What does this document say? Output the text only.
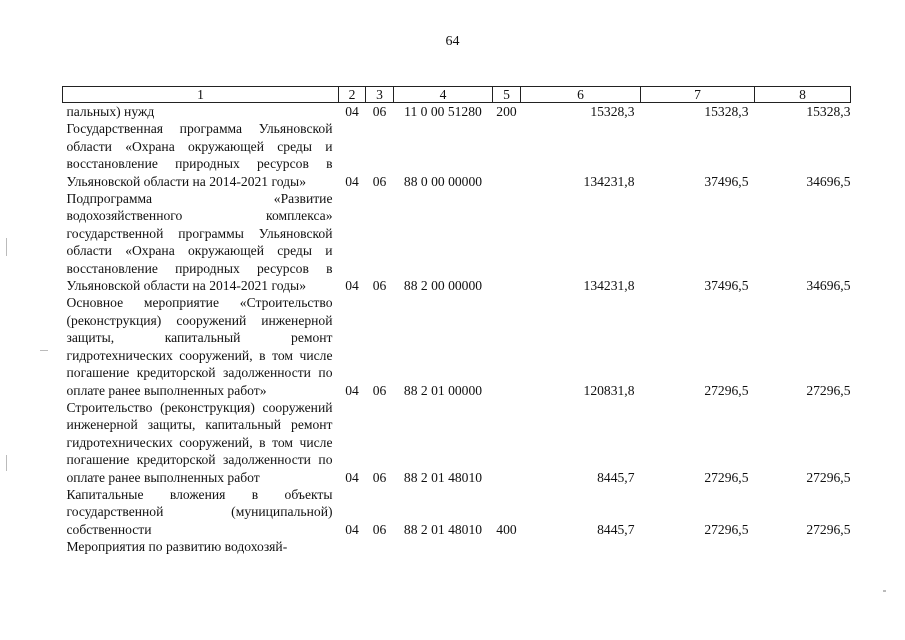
64
1	2	3	4	5	6	7	8
пальных) нужд	04	06	11 0 00 51280	200	15328,3	15328,3	15328,3
Государственная программа Ульяновской области «Охрана окружающей среды и восстановление природных ресурсов в Ульяновской области на 2014-2021 годы»	04	06	88 0 00 00000		134231,8	37496,5	34696,5
Подпрограмма «Развитие водохозяйственного комплекса» государственной программы Ульяновской области «Охрана окружающей среды и восстановление природных ресурсов в Ульяновской области на 2014-2021 годы»	04	06	88 2 00 00000		134231,8	37496,5	34696,5
Основное мероприятие «Строительство (реконструкция) сооружений инженерной защиты, капитальный ремонт гидротехнических сооружений, в том числе погашение кредиторской задолженности по оплате ранее выполненных работ»	04	06	88 2 01 00000		120831,8	27296,5	27296,5
Строительство (реконструкция) сооружений инженерной защиты, капитальный ремонт гидротехнических сооружений, в том числе погашение кредиторской задолженности по оплате ранее выполненных работ	04	06	88 2 01 48010		8445,7	27296,5	27296,5
Капитальные вложения в объекты государственной (муниципальной) собственности	04	06	88 2 01 48010	400	8445,7	27296,5	27296,5
Мероприятия по развитию водохозяй-							
